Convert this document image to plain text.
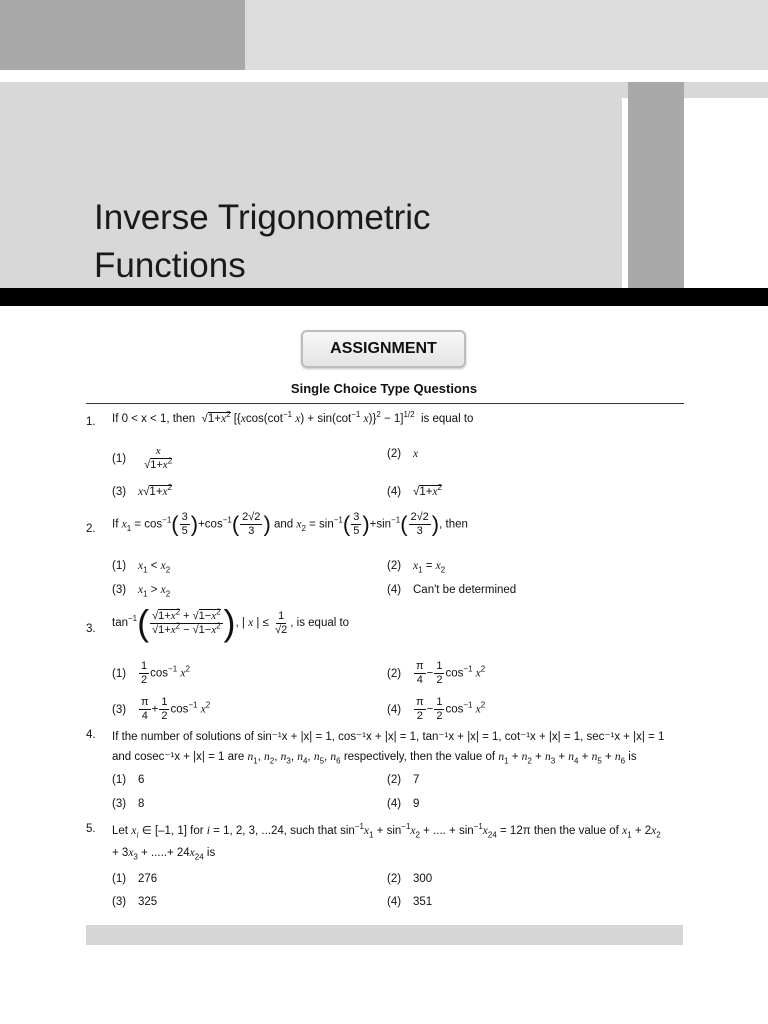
Inverse Trigonometric
Functions
ASSIGNMENT
Single Choice Type Questions
1. If 0 < x < 1, then  $√1+x^2$ [{$xcos(\cot^{-1}$ $x) + \sin(\cot^{-1}$ x)}$^2$ − 1]$^{1/2}$ is equal to
$(1) \frac{x}{√1+x^2}$	(2) x
(3) $x√1+x^2$	(4) $√1+x^2$
2. If $x_1 = \cos^{-1}( \frac{3}{5} )+\cos^{-1}( \frac{2√2}{3}$ ) and $x_2 = \sin^{-1}( \frac{3}{5} )+\sin^{-1}( \frac{2√2}{3}$ ), then
(1) $x_1 < x_2$	(2) $x_1 = x_2$
(3) $x_1 > x_2$	(4) Can't be determined
3. $\tan^{-1}( \frac{√1+x^2 + √1-x^2}{√1+x^2 - √1-x^2}$ ), | x | ≤ $\frac{1}{√2}$ , is equal to
$(1) \frac{1}{2} \cos^{-1} x^2$	$(2) \frac{\pi}{4} - \frac{1}{2} \cos^{-1} x^2$
$(3) \frac{\pi}{4} + \frac{1}{2} \cos^{-1} x^2$	$(4) \frac{\pi}{2} - \frac{1}{2} \cos^{-1} x^2$
4. If the number of solutions of sin⁻¹x + |x| = 1, cos⁻¹x + |x| = 1, tan⁻¹x + |x| = 1, cot⁻¹x + |x| = 1, sec⁻¹x + |x| = 1
and cosec⁻¹x + |x| = 1 are $n_1$, $n_2$, $n_3$, $n_4$, $n_5$, $n_6$ respectively, then the value of $n_1 + n_2 + n_3 + n_4 + n_5 + n_6$ is
(1) 6	(2) 7
(3) 8	(4) 9
5. Let $x_i$ ∈ [–1, 1] for i = 1, 2, 3, ...24, such that $\sin^{-1}x_1 + \sin^{-1}x_2$ + .... + $\sin^{-1}x_{24} = 12\pi$ then the value of $x_1 + 2x_2$
+ $3x_3$ + .....+ $24x_{24}$ is
(1) 276	(2) 300
(3) 325	(4) 351
